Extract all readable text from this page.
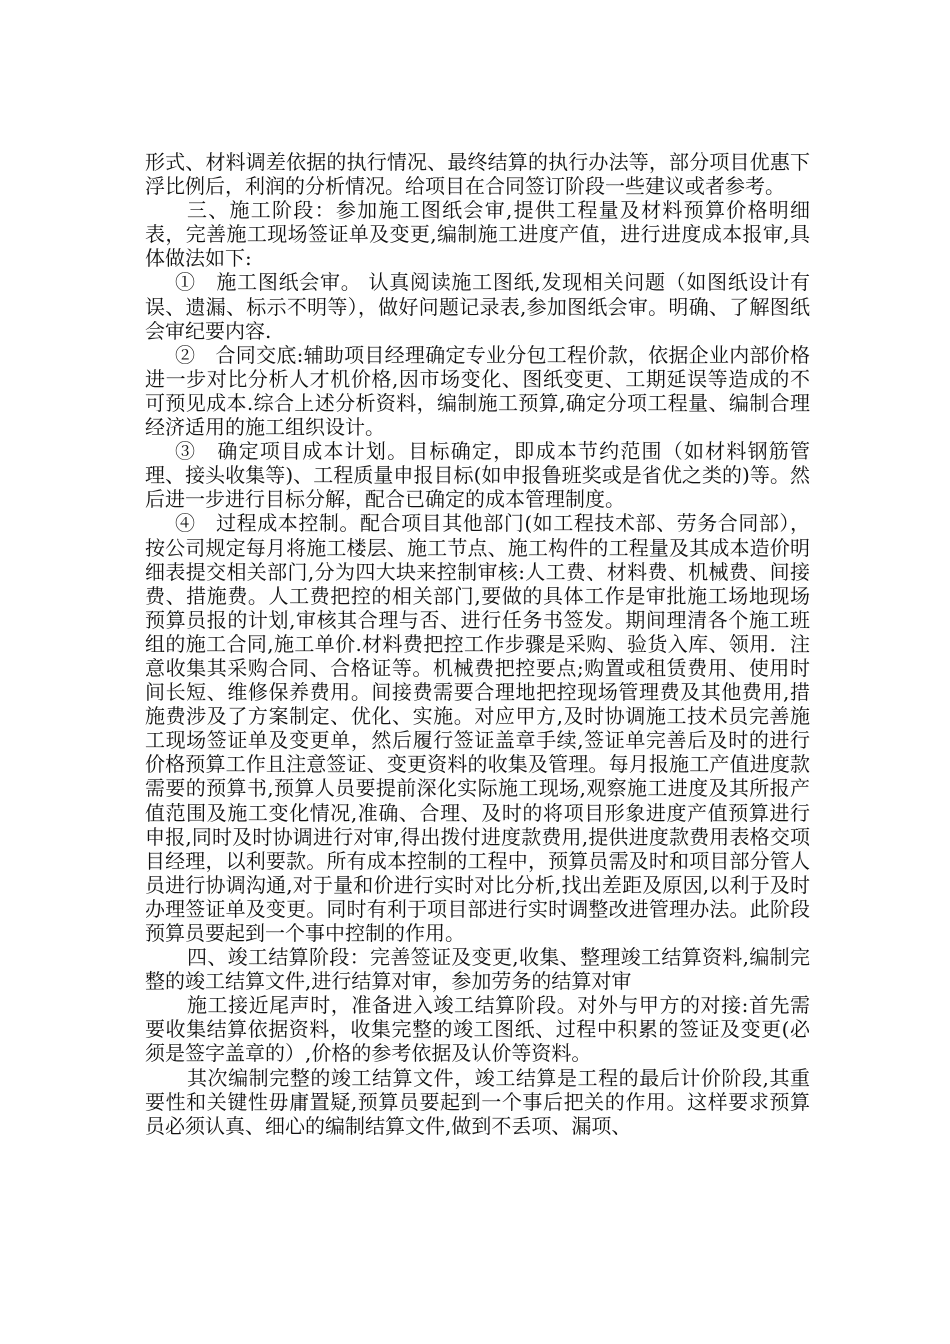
形式、材料调差依据的执行情况、最终结算的执行办法等，部分项目优惠下浮比例后，利润的分析情况。给项目在合同签订阶段一些建议或者参考。

三、施工阶段：参加施工图纸会审,提供工程量及材料预算价格明细表，完善施工现场签证单及变更,编制施工进度产值，进行进度成本报审,具体做法如下:

①　施工图纸会审。 认真阅读施工图纸,发现相关问题（如图纸设计有误、遗漏、标示不明等），做好问题记录表,参加图纸会审。明确、了解图纸会审纪要内容.

②　合同交底:辅助项目经理确定专业分包工程价款，依据企业内部价格进一步对比分析人才机价格,因市场变化、图纸变更、工期延误等造成的不可预见成本.综合上述分析资料，编制施工预算,确定分项工程量、编制合理经济适用的施工组织设计。

③　确定项目成本计划。目标确定，即成本节约范围（如材料钢筋管理、接头收集等)、工程质量申报目标(如申报鲁班奖或是省优之类的)等。然后进一步进行目标分解，配合已确定的成本管理制度。

④　过程成本控制。配合项目其他部门(如工程技术部、劳务合同部），按公司规定每月将施工楼层、施工节点、施工构件的工程量及其成本造价明细表提交相关部门,分为四大块来控制审核:人工费、材料费、机械费、间接费、措施费。人工费把控的相关部门,要做的具体工作是审批施工场地现场预算员报的计划,审核其合理与否、进行任务书签发。期间理清各个施工班组的施工合同,施工单价.材料费把控工作步骤是采购、验货入库、领用．注意收集其采购合同、合格证等。机械费把控要点;购置或租赁费用、使用时间长短、维修保养费用。间接费需要合理地把控现场管理费及其他费用,措施费涉及了方案制定、优化、实施。对应甲方,及时协调施工技术员完善施工现场签证单及变更单，然后履行签证盖章手续,签证单完善后及时的进行价格预算工作且注意签证、变更资料的收集及管理。每月报施工产值进度款需要的预算书,预算人员要提前深化实际施工现场,观察施工进度及其所报产值范围及施工变化情况,准确、合理、及时的将项目形象进度产值预算进行申报,同时及时协调进行对审,得出拨付进度款费用,提供进度款费用表格交项目经理，以利要款。所有成本控制的工程中，预算员需及时和项目部分管人员进行协调沟通,对于量和价进行实时对比分析,找出差距及原因,以利于及时办理签证单及变更。同时有利于项目部进行实时调整改进管理办法。此阶段预算员要起到一个事中控制的作用。

四、竣工结算阶段：完善签证及变更,收集、整理竣工结算资料,编制完整的竣工结算文件,进行结算对审，参加劳务的结算对审

施工接近尾声时，准备进入竣工结算阶段。对外与甲方的对接:首先需要收集结算依据资料，收集完整的竣工图纸、过程中积累的签证及变更(必须是签字盖章的）,价格的参考依据及认价等资料。

其次编制完整的竣工结算文件，竣工结算是工程的最后计价阶段,其重要性和关键性毋庸置疑,预算员要起到一个事后把关的作用。这样要求预算员必须认真、细心的编制结算文件,做到不丢项、漏项、
